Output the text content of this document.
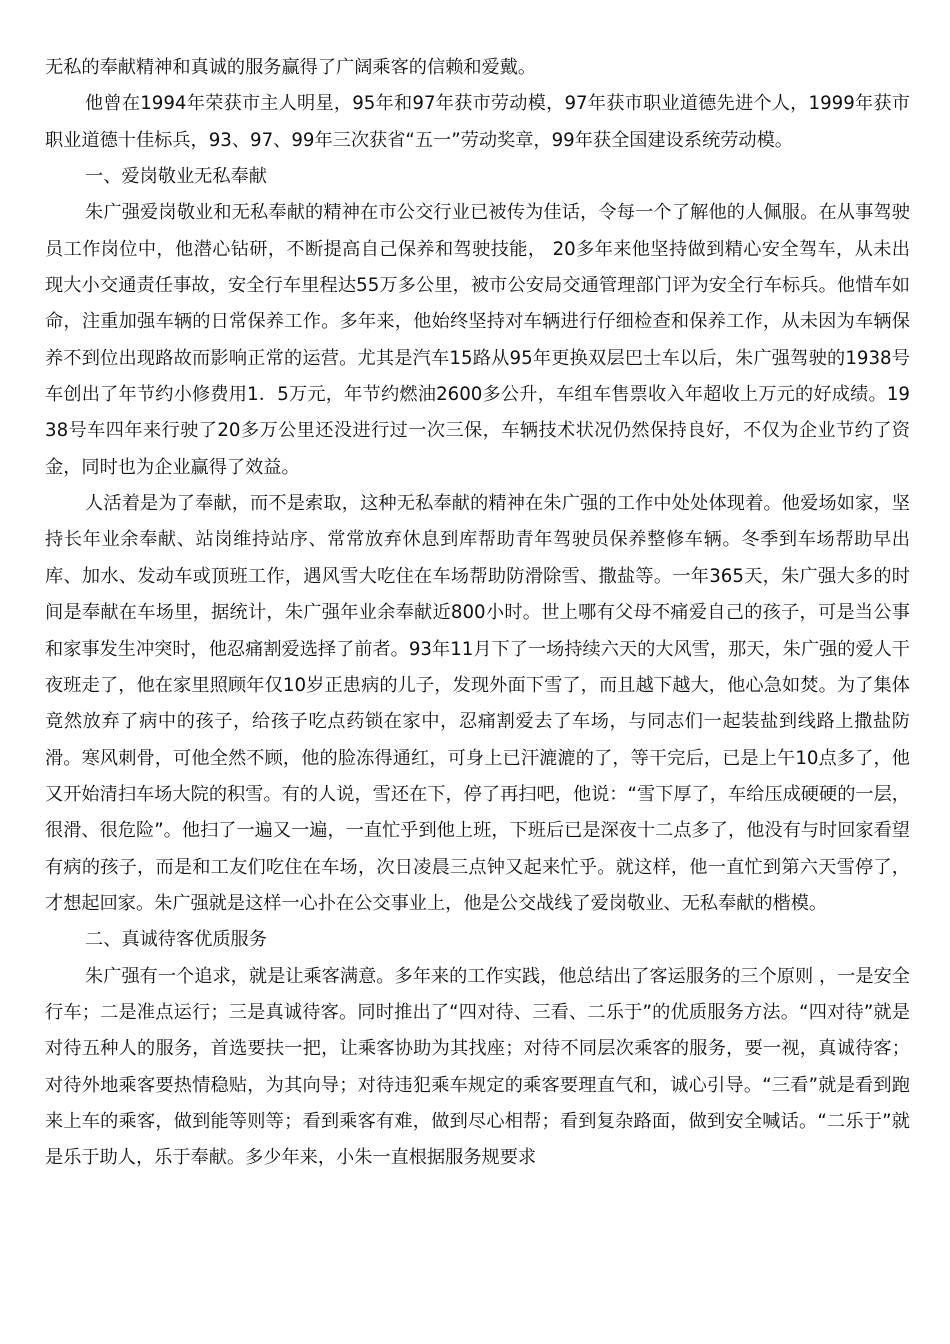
无私的奉献精神和真诚的服务赢得了广阔乘客的信赖和爱戴。

他曾在1994年荣获市主人明星，95年和97年获市劳动模，97年获市职业道德先进个人，1999年获市职业道德十佳标兵，93、97、99年三次获省“五一”劳动奖章，99年获全国建设系统劳动模。

一、爱岗敬业无私奉献

朱广强爱岗敬业和无私奉献的精神在市公交行业已被传为佳话，令每一个了解他的人佩服。在从事驾驶员工作岗位中，他潜心钻研，不断提高自己保养和驾驶技能， 20多年来他坚持做到精心安全驾车，从未出现大小交通责任事故，安全行车里程达55万多公里，被市公安局交通管理部门评为安全行车标兵。他惜车如命，注重加强车辆的日常保养工作。多年来，他始终坚持对车辆进行仔细检查和保养工作，从未因为车辆保养不到位出现路故而影响正常的运营。尤其是汽车15路从95年更换双层巴士车以后，朱广强驾驶的1938号车创出了年节约小修费用1．5万元，年节约燃油2600多公升，车组车售票收入年超收上万元的好成绩。1938号车四年来行驶了20多万公里还没进行过一次三保，车辆技术状况仍然保持良好，不仅为企业节约了资金，同时也为企业赢得了效益。

人活着是为了奉献，而不是索取，这种无私奉献的精神在朱广强的工作中处处体现着。他爱场如家，坚持长年业余奉献、站岗维持站序、常常放弃休息到库帮助青年驾驶员保养整修车辆。冬季到车场帮助早出库、加水、发动车或顶班工作，遇风雪大吃住在车场帮助防滑除雪、撒盐等。一年365天，朱广强大多的时间是奉献在车场里，据统计，朱广强年业余奉献近800小时。世上哪有父母不痛爱自己的孩子，可是当公事和家事发生冲突时，他忍痛割爱选择了前者。93年11月下了一场持续六天的大风雪，那天，朱广强的爱人干夜班走了，他在家里照顾年仅10岁正患病的儿子，发现外面下雪了，而且越下越大，他心急如焚。为了集体竟然放弃了病中的孩子，给孩子吃点药锁在家中，忍痛割爱去了车场，与同志们一起装盐到线路上撒盐防滑。寒风刺骨，可他全然不顾，他的脸冻得通红，可身上已汗漉漉的了，等干完后，已是上午10点多了，他又开始清扫车场大院的积雪。有的人说，雪还在下，停了再扫吧，他说：“雪下厚了，车给压成硬硬的一层，很滑、很危险”。他扫了一遍又一遍，一直忙乎到他上班，下班后已是深夜十二点多了，他没有与时回家看望有病的孩子，而是和工友们吃住在车场，次日凌晨三点钟又起来忙乎。就这样，他一直忙到第六天雪停了，才想起回家。朱广强就是这样一心扑在公交事业上，他是公交战线了爱岗敬业、无私奉献的楷模。

二、真诚待客优质服务

朱广强有一个追求，就是让乘客满意。多年来的工作实践，他总结出了客运服务的三个原则 ，一是安全行车；二是准点运行；三是真诚待客。同时推出了“四对待、三看、二乐于”的优质服务方法。“四对待”就是对待五种人的服务，首选要扶一把，让乘客协助为其找座；对待不同层次乘客的服务，要一视，真诚待客；对待外地乘客要热情稳贴，为其向导；对待违犯乘车规定的乘客要理直气和，诚心引导。“三看”就是看到跑来上车的乘客，做到能等则等；看到乘客有难，做到尽心相帮；看到复杂路面，做到安全喊话。“二乐于”就是乐于助人，乐于奉献。多少年来，小朱一直根据服务规要求
